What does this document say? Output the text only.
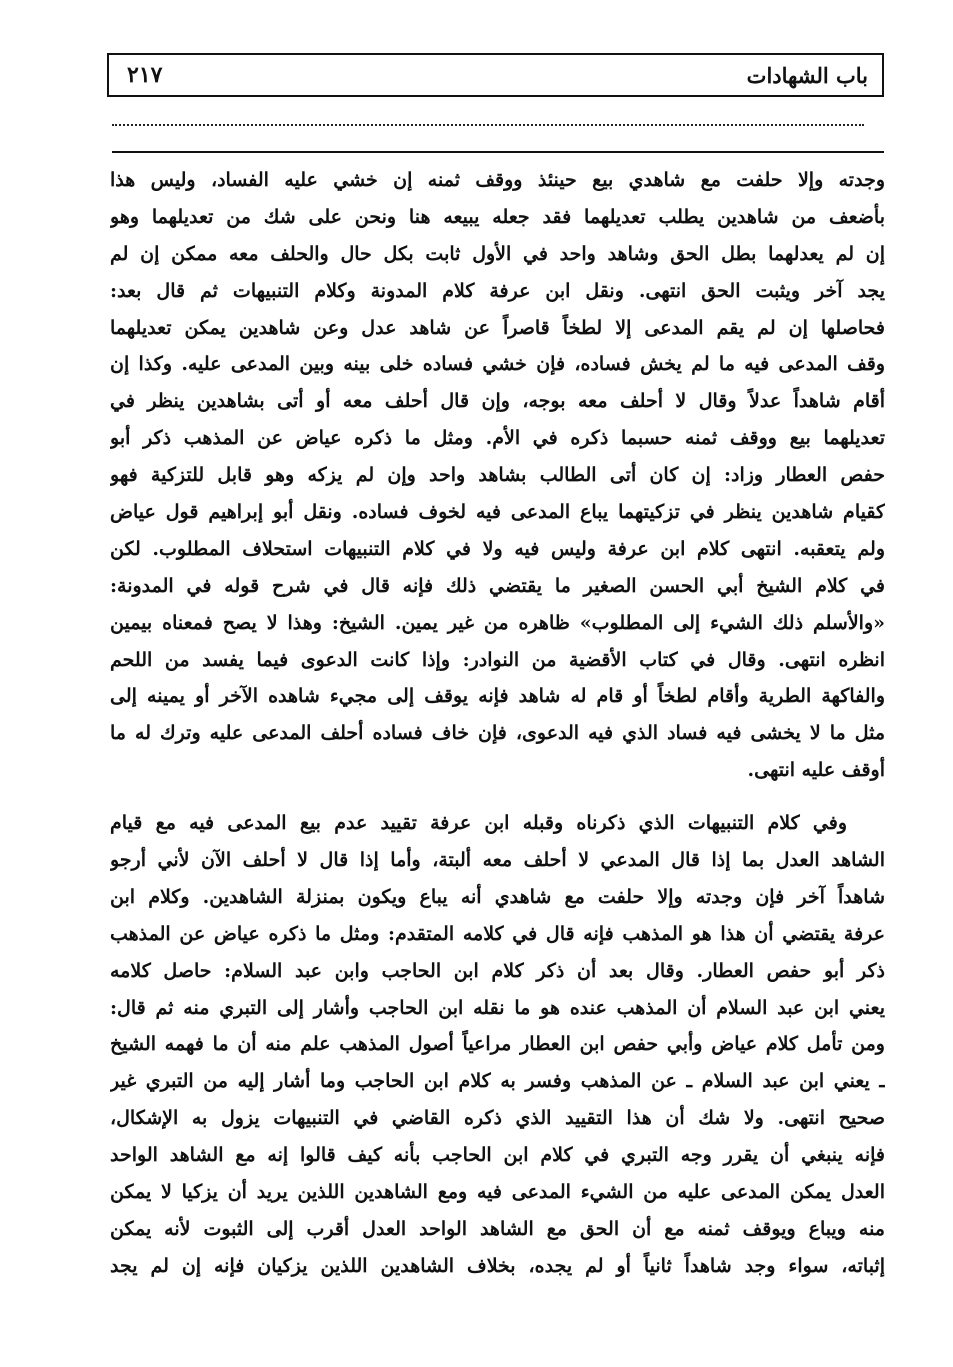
باب الشهادات
٢١٧
وجدته وإلا حلفت مع شاهدي بيع حينئذ ووقف ثمنه إن خشي عليه الفساد، وليس هذا
بأضعف من شاهدين يطلب تعديلهما فقد جعله يبيعه هنا ونحن على شك من تعديلهما وهو
إن لم يعدلهما بطل الحق وشاهد واحد في الأول ثابت بكل حال والحلف معه ممكن إن لم
يجد آخر ويثبت الحق انتهى. ونقل ابن عرفة كلام المدونة وكلام التنبيهات ثم قال بعد:
فحاصلها إن لم يقم المدعى إلا لطخاً قاصراً عن شاهد عدل وعن شاهدين يمكن تعديلهما
وقف المدعى فيه ما لم يخش فساده، فإن خشي فساده خلى بينه وبين المدعى عليه. وكذا إن
أقام شاهداً عدلاً وقال لا أحلف معه بوجه، وإن قال أحلف معه أو أتى بشاهدين ينظر في
تعديلهما بيع ووقف ثمنه حسبما ذكره في الأم. ومثل ما ذكره عياض عن المذهب ذكر أبو
حفص العطار وزاد: إن كان أتى الطالب بشاهد واحد وإن لم يزكه وهو قابل للتزكية فهو
كقيام شاهدين ينظر في تزكيتهما يباع المدعى فيه لخوف فساده. ونقل أبو إبراهيم قول عياض
ولم يتعقبه. انتهى كلام ابن عرفة وليس فيه ولا في كلام التنبيهات استحلاف المطلوب. لكن
في كلام الشيخ أبي الحسن الصغير ما يقتضي ذلك فإنه قال في شرح قوله في المدونة:
«والأسلم ذلك الشيء إلى المطلوب» ظاهره من غير يمين. الشيخ: وهذا لا يصح فمعناه بيمين
انظره انتهى. وقال في كتاب الأقضية من النوادر: وإذا كانت الدعوى فيما يفسد من اللحم
والفاكهة الطرية وأقام لطخاً أو قام له شاهد فإنه يوقف إلى مجيء شاهده الآخر أو يمينه إلى
مثل ما لا يخشى فيه فساد الذي فيه الدعوى، فإن خاف فساده أحلف المدعى عليه وترك له ما
أوقف عليه انتهى.
وفي كلام التنبيهات الذي ذكرناه وقبله ابن عرفة تقييد عدم بيع المدعى فيه مع قيام
الشاهد العدل بما إذا قال المدعي لا أحلف معه ألبتة، وأما إذا قال لا أحلف الآن لأني أرجو
شاهداً آخر فإن وجدته وإلا حلفت مع شاهدي أنه يباع ويكون بمنزلة الشاهدين. وكلام ابن
عرفة يقتضي أن هذا هو المذهب فإنه قال في كلامه المتقدم: ومثل ما ذكره عياض عن المذهب
ذكر أبو حفص العطار. وقال بعد أن ذكر كلام ابن الحاجب وابن عبد السلام: حاصل كلامه
يعني ابن عبد السلام أن المذهب عنده هو ما نقله ابن الحاجب وأشار إلى التبري منه ثم قال:
ومن تأمل كلام عياض وأبي حفص ابن العطار مراعياً أصول المذهب علم منه أن ما فهمه الشيخ
ـ يعني ابن عبد السلام ـ عن المذهب وفسر به كلام ابن الحاجب وما أشار إليه من التبري غير
صحيح انتهى. ولا شك أن هذا التقييد الذي ذكره القاضي في التنبيهات يزول به الإشكال،
فإنه ينبغي أن يقرر وجه التبري في كلام ابن الحاجب بأنه كيف قالوا إنه مع الشاهد الواحد
العدل يمكن المدعى عليه من الشيء المدعى فيه ومع الشاهدين اللذين يريد أن يزكيا لا يمكن
منه ويباع ويوقف ثمنه مع أن الحق مع الشاهد الواحد العدل أقرب إلى الثبوت لأنه يمكن
إثباته، سواء وجد شاهداً ثانياً أو لم يجده، بخلاف الشاهدين اللذين يزكيان فإنه إن لم يجد
